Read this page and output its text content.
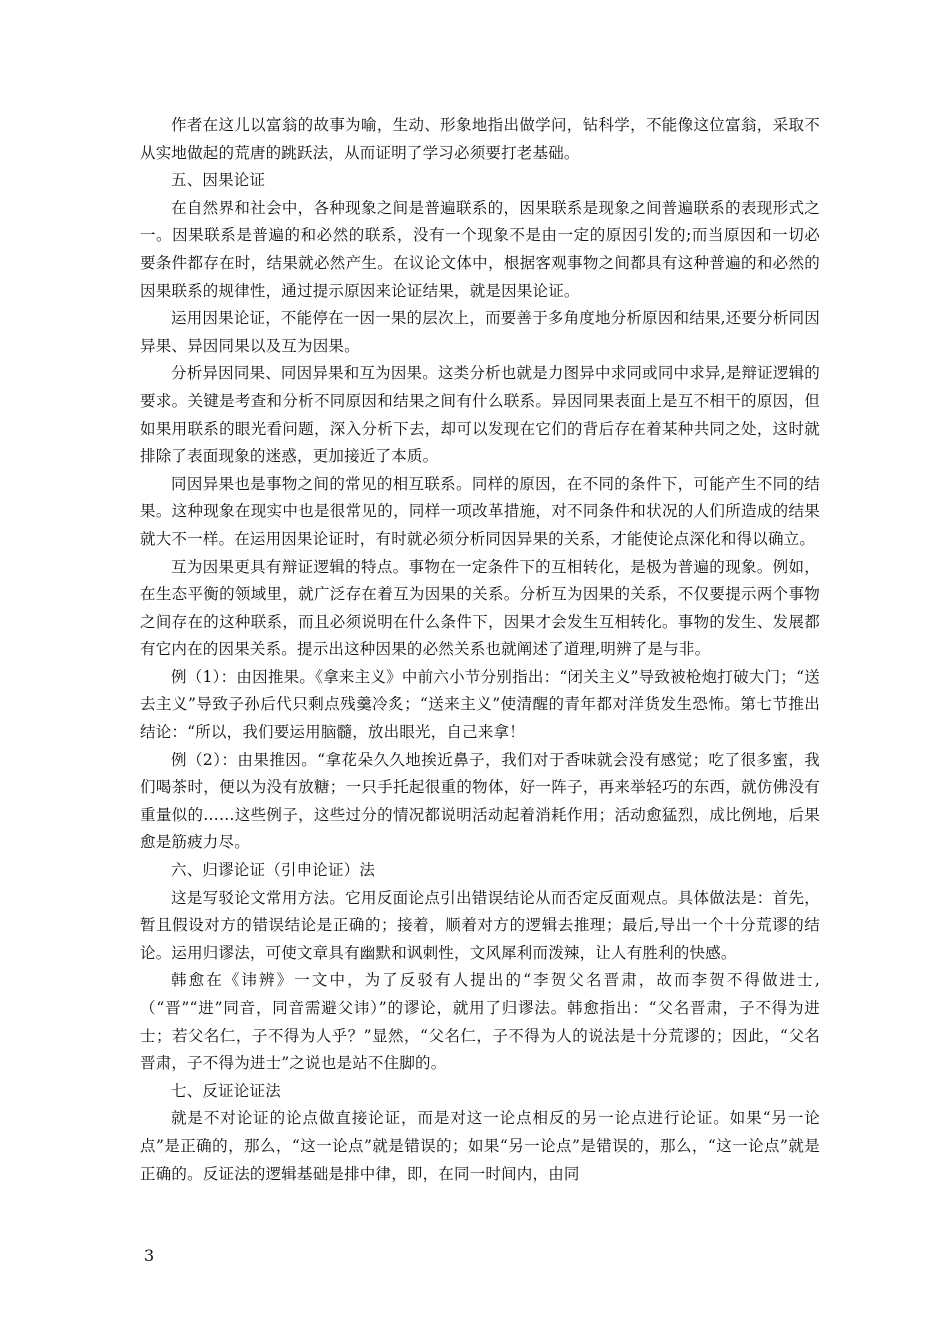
作者在这儿以富翁的故事为喻，生动、形象地指出做学问，钻科学，不能像这位富翁，采取不从实地做起的荒唐的跳跃法，从而证明了学习必须要打老基础。

五、因果论证

在自然界和社会中，各种现象之间是普遍联系的，因果联系是现象之间普遍联系的表现形式之一。因果联系是普遍的和必然的联系，没有一个现象不是由一定的原因引发的;而当原因和一切必要条件都存在时，结果就必然产生。在议论文体中，根据客观事物之间都具有这种普遍的和必然的因果联系的规律性，通过提示原因来论证结果，就是因果论证。

运用因果论证，不能停在一因一果的层次上，而要善于多角度地分析原因和结果,还要分析同因异果、异因同果以及互为因果。

分析异因同果、同因异果和互为因果。这类分析也就是力图异中求同或同中求异,是辩证逻辑的要求。关键是考查和分析不同原因和结果之间有什么联系。异因同果表面上是互不相干的原因，但如果用联系的眼光看问题，深入分析下去，却可以发现在它们的背后存在着某种共同之处，这时就排除了表面现象的迷惑，更加接近了本质。

同因异果也是事物之间的常见的相互联系。同样的原因，在不同的条件下，可能产生不同的结果。这种现象在现实中也是很常见的，同样一项改革措施，对不同条件和状况的人们所造成的结果就大不一样。在运用因果论证时，有时就必须分析同因异果的关系，才能使论点深化和得以确立。

互为因果更具有辩证逻辑的特点。事物在一定条件下的互相转化，是极为普遍的现象。例如，在生态平衡的领域里，就广泛存在着互为因果的关系。分析互为因果的关系，不仅要提示两个事物之间存在的这种联系，而且必须说明在什么条件下，因果才会发生互相转化。事物的发生、发展都有它内在的因果关系。提示出这种因果的必然关系也就阐述了道理,明辨了是与非。

例（1）：由因推果。《拿来主义》中前六小节分别指出：“闭关主义”导致被枪炮打破大门；“送去主义”导致子孙后代只剩点残羹冷炙；“送来主义”使清醒的青年都对洋货发生恐怖。第七节推出结论：“所以，我们要运用脑髓，放出眼光，自己来拿！

例（2）：由果推因。“拿花朵久久地挨近鼻子，我们对于香味就会没有感觉；吃了很多蜜，我们喝茶时，便以为没有放糖；一只手托起很重的物体，好一阵子，再来举轻巧的东西，就仿佛没有重量似的……这些例子，这些过分的情况都说明活动起着消耗作用；活动愈猛烈，成比例地，后果愈是筋疲力尽。

六、归谬论证（引申论证）法

这是写驳论文常用方法。它用反面论点引出错误结论从而否定反面观点。具体做法是：首先，暂且假设对方的错误结论是正确的；接着，顺着对方的逻辑去推理；最后,导出一个十分荒谬的结论。运用归谬法，可使文章具有幽默和讽刺性，文风犀利而泼辣，让人有胜利的快感。

韩愈在《讳辨》一文中，为了反驳有人提出的“李贺父名晋肃，故而李贺不得做进士,（“晋”“进”同音，同音需避父讳）”的谬论，就用了归谬法。韩愈指出：“父名晋肃，子不得为进士；若父名仁，子不得为人乎？”显然，“父名仁，子不得为人的说法是十分荒谬的；因此，“父名晋肃，子不得为进士”之说也是站不住脚的。

七、反证论证法

就是不对论证的论点做直接论证，而是对这一论点相反的另一论点进行论证。如果“另一论点”是正确的，那么，“这一论点”就是错误的；如果“另一论点”是错误的，那么，“这一论点”就是正确的。反证法的逻辑基础是排中律，即，在同一时间内，由同

3
